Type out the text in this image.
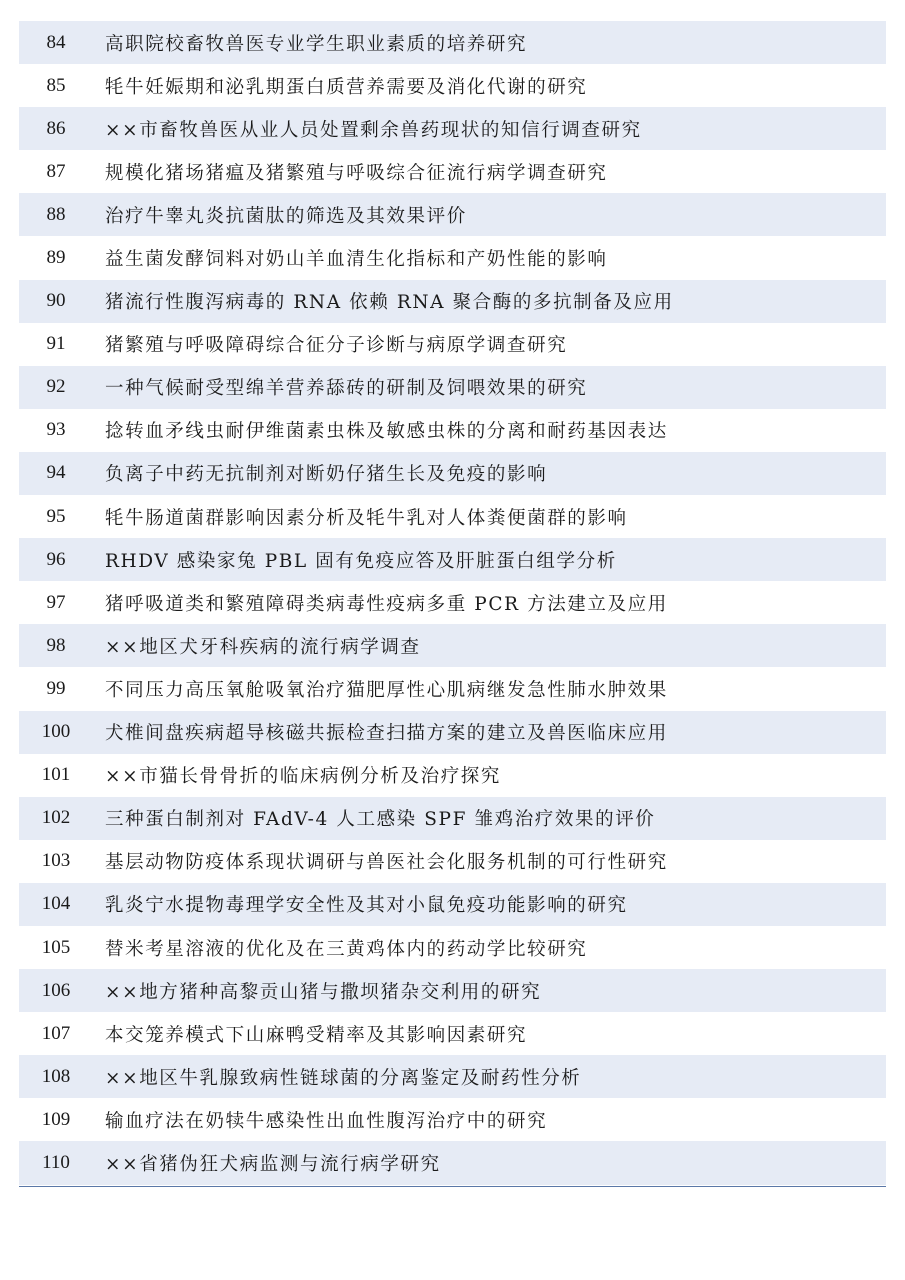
84	高职院校畜牧兽医专业学生职业素质的培养研究
85	牦牛妊娠期和泌乳期蛋白质营养需要及消化代谢的研究
86	××市畜牧兽医从业人员处置剩余兽药现状的知信行调查研究
87	规模化猪场猪瘟及猪繁殖与呼吸综合征流行病学调查研究
88	治疗牛睾丸炎抗菌肽的筛选及其效果评价
89	益生菌发酵饲料对奶山羊血清生化指标和产奶性能的影响
90	猪流行性腹泻病毒的 RNA 依赖 RNA 聚合酶的多抗制备及应用
91	猪繁殖与呼吸障碍综合征分子诊断与病原学调查研究
92	一种气候耐受型绵羊营养舔砖的研制及饲喂效果的研究
93	捻转血矛线虫耐伊维菌素虫株及敏感虫株的分离和耐药基因表达
94	负离子中药无抗制剂对断奶仔猪生长及免疫的影响
95	牦牛肠道菌群影响因素分析及牦牛乳对人体粪便菌群的影响
96	RHDV 感染家兔 PBL 固有免疫应答及肝脏蛋白组学分析
97	猪呼吸道类和繁殖障碍类病毒性疫病多重 PCR 方法建立及应用
98	××地区犬牙科疾病的流行病学调查
99	不同压力高压氧舱吸氧治疗猫肥厚性心肌病继发急性肺水肿效果
100	犬椎间盘疾病超导核磁共振检查扫描方案的建立及兽医临床应用
101	××市猫长骨骨折的临床病例分析及治疗探究
102	三种蛋白制剂对 FAdV-4 人工感染 SPF 雏鸡治疗效果的评价
103	基层动物防疫体系现状调研与兽医社会化服务机制的可行性研究
104	乳炎宁水提物毒理学安全性及其对小鼠免疫功能影响的研究
105	替米考星溶液的优化及在三黄鸡体内的药动学比较研究
106	××地方猪种高黎贡山猪与撒坝猪杂交利用的研究
107	本交笼养模式下山麻鸭受精率及其影响因素研究
108	××地区牛乳腺致病性链球菌的分离鉴定及耐药性分析
109	输血疗法在奶犊牛感染性出血性腹泻治疗中的研究
110	××省猪伪狂犬病监测与流行病学研究
